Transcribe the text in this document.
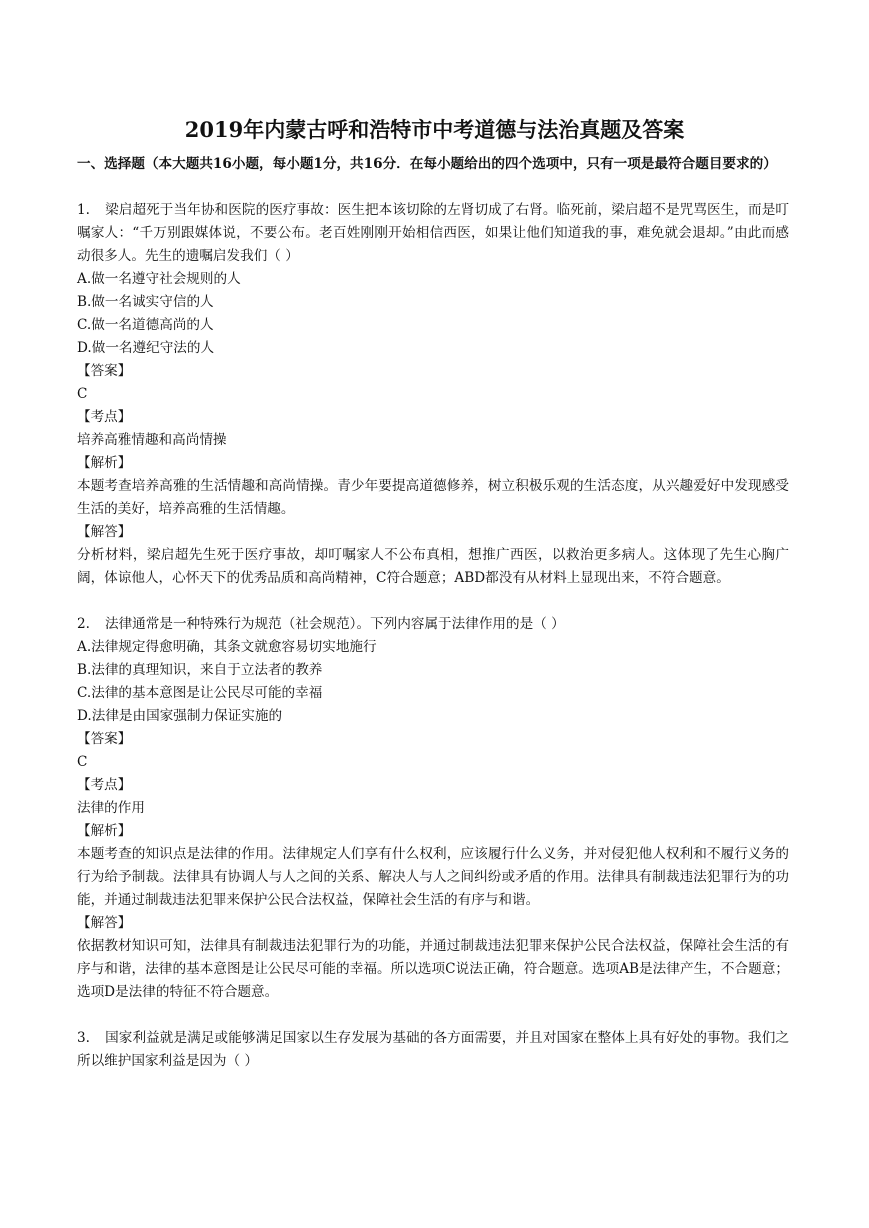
2019年内蒙古呼和浩特市中考道德与法治真题及答案
一、选择题（本大题共16小题，每小题1分，共16分．在每小题给出的四个选项中，只有一项是最符合题目要求的）

1. 梁启超死于当年协和医院的医疗事故：医生把本该切除的左肾切成了右肾。临死前，梁启超不是咒骂医生，而是叮嘱家人：“千万别跟媒体说，不要公布。老百姓刚刚开始相信西医，如果让他们知道我的事，难免就会退却。”由此而感动很多人。先生的遗嘱启发我们（ ）

A.做一名遵守社会规则的人
B.做一名诚实守信的人
C.做一名道德高尚的人
D.做一名遵纪守法的人
【答案】
C
【考点】
培养高雅情趣和高尚情操
【解析】

本题考查培养高雅的生活情趣和高尚情操。青少年要提高道德修养，树立积极乐观的生活态度，从兴趣爱好中发现感受生活的美好，培养高雅的生活情趣。

【解答】

分析材料，梁启超先生死于医疗事故，却叮嘱家人不公布真相，想推广西医，以救治更多病人。这体现了先生心胸广阔，体谅他人，心怀天下的优秀品质和高尚精神，C符合题意；ABD都没有从材料上显现出来，不符合题意。

2. 法律通常是一种特殊行为规范（社会规范）。下列内容属于法律作用的是（ ）

A.法律规定得愈明确，其条文就愈容易切实地施行
B.法律的真理知识，来自于立法者的教养
C.法律的基本意图是让公民尽可能的幸福
D.法律是由国家强制力保证实施的
【答案】
C
【考点】
法律的作用
【解析】

本题考查的知识点是法律的作用。法律规定人们享有什么权利，应该履行什么义务，并对侵犯他人权利和不履行义务的行为给予制裁。法律具有协调人与人之间的关系、解决人与人之间纠纷或矛盾的作用。法律具有制裁违法犯罪行为的功能，并通过制裁违法犯罪来保护公民合法权益，保障社会生活的有序与和谐。

【解答】

依据教材知识可知，法律具有制裁违法犯罪行为的功能，并通过制裁违法犯罪来保护公民合法权益，保障社会生活的有序与和谐，法律的基本意图是让公民尽可能的幸福。所以选项C说法正确，符合题意。选项AB是法律产生，不合题意；选项D是法律的特征不符合题意。

3. 国家利益就是满足或能够满足国家以生存发展为基础的各方面需要，并且对国家在整体上具有好处的事物。我们之所以维护国家利益是因为（ ）
